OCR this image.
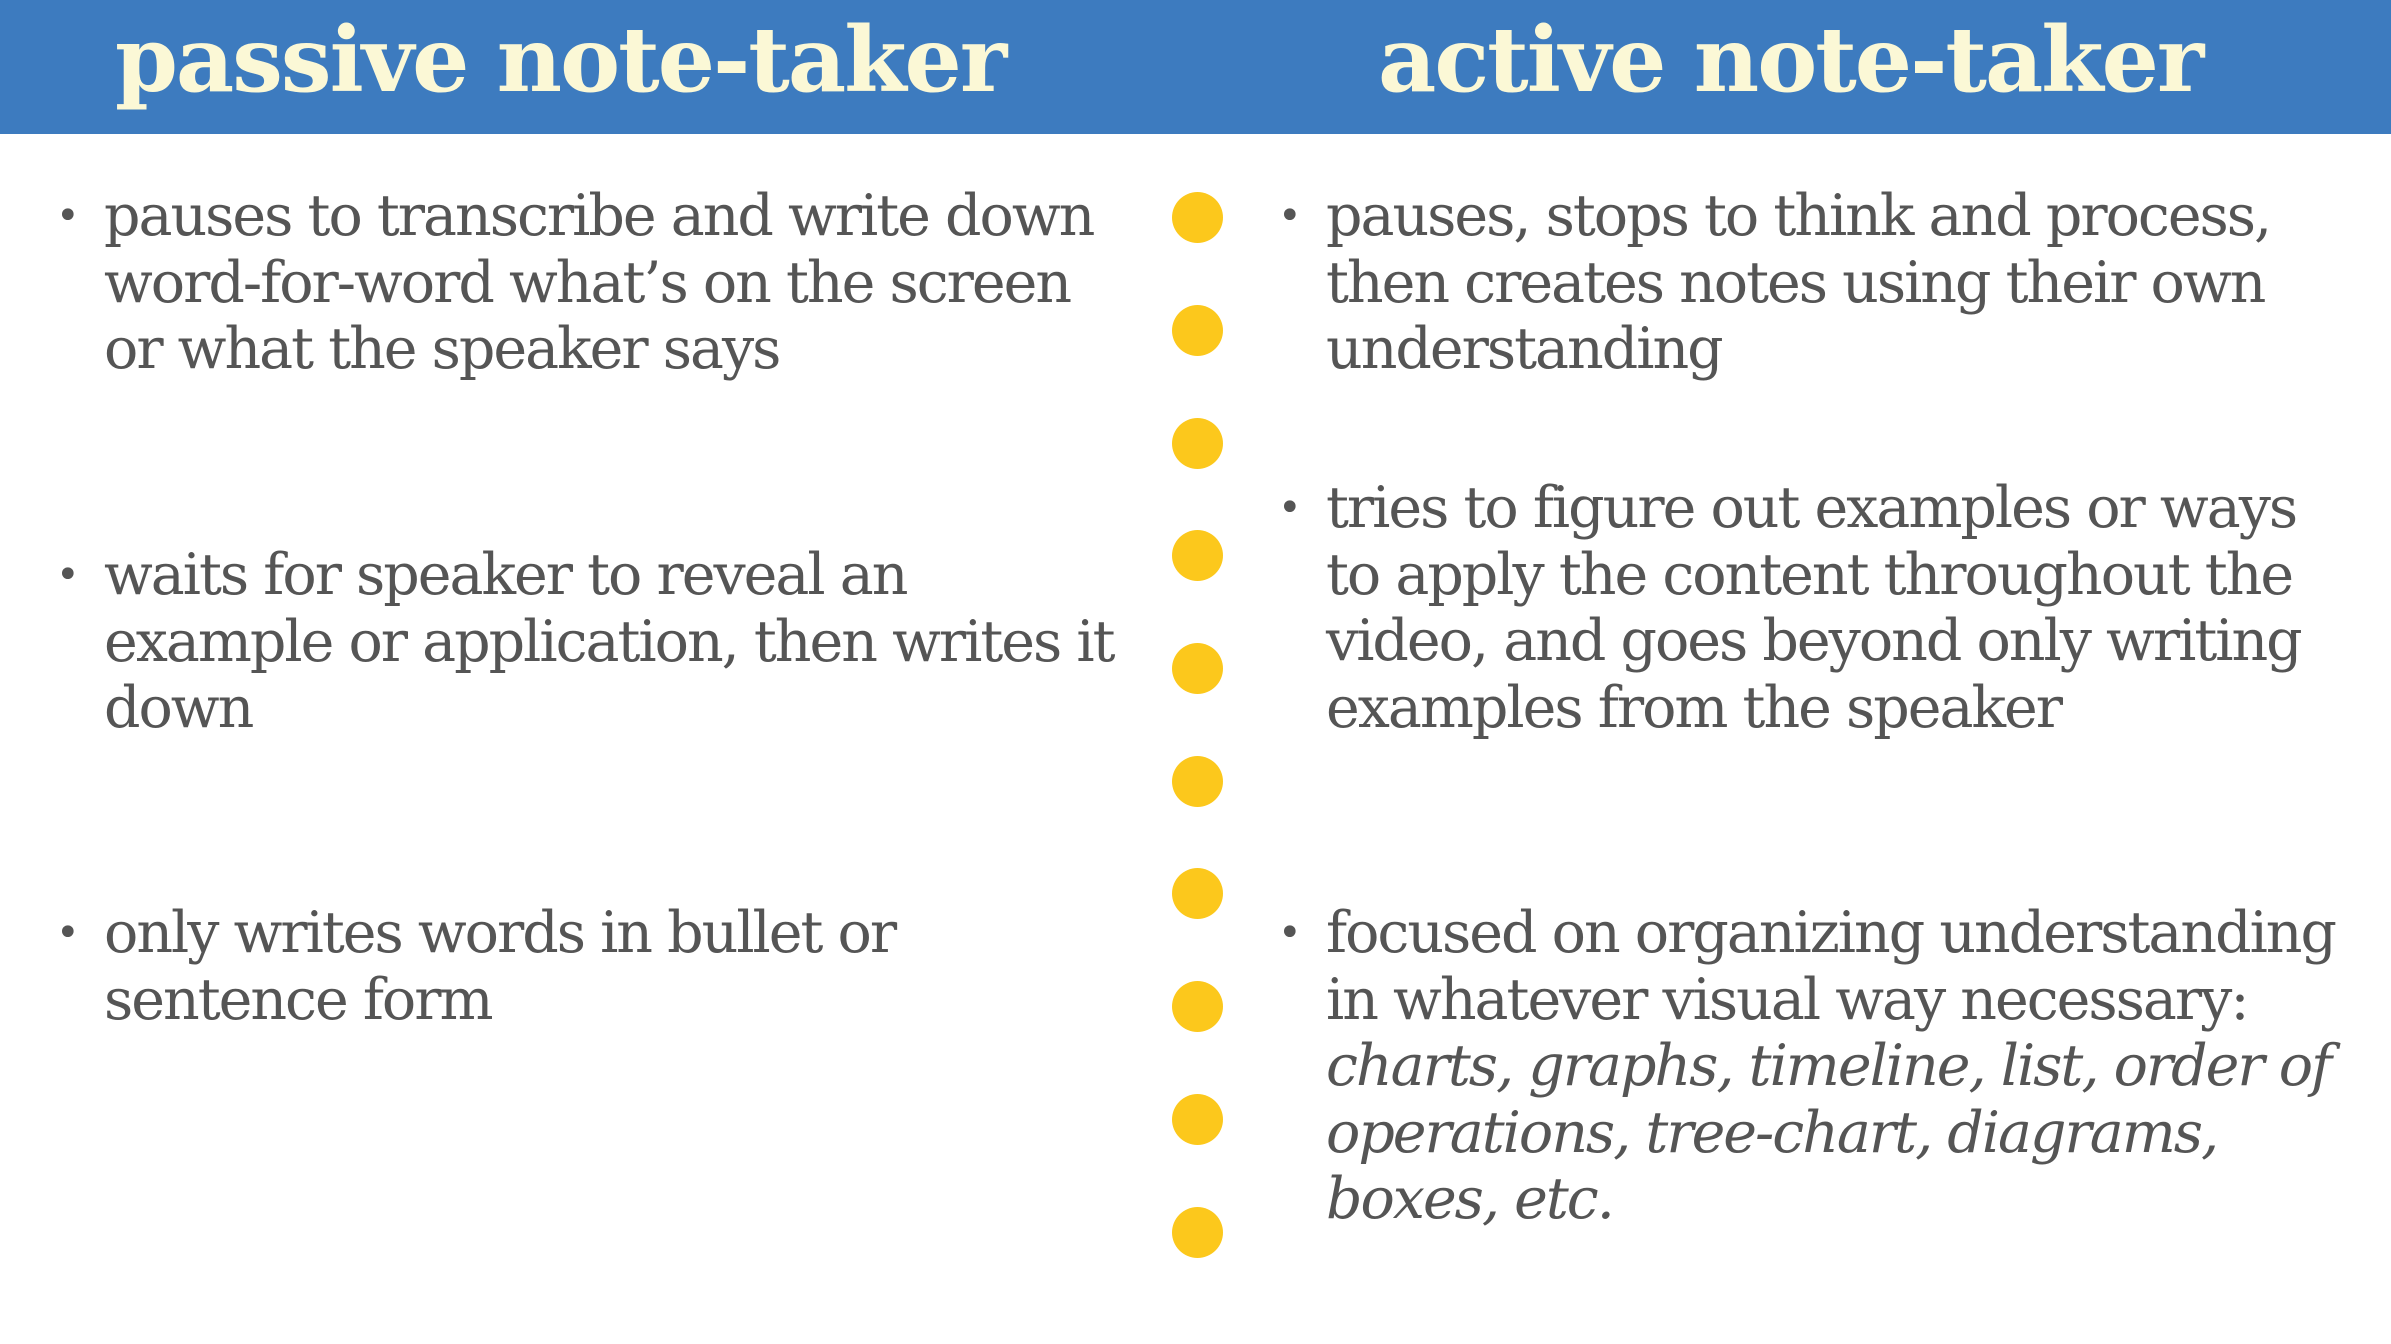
passive note-taker	active note-taker
• pauses to transcribe and write down word-for-word what’s on the screen or what the speaker says
• waits for speaker to reveal an example or application, then writes it down
• only writes words in bullet or sentence form
• pauses, stops to think and process, then creates notes using their own understanding
• tries to figure out examples or ways to apply the content throughout the video, and goes beyond only writing examples from the speaker
• focused on organizing understanding in whatever visual way necessary: charts, graphs, timeline, list, order of operations, tree-chart, diagrams, boxes, etc.
